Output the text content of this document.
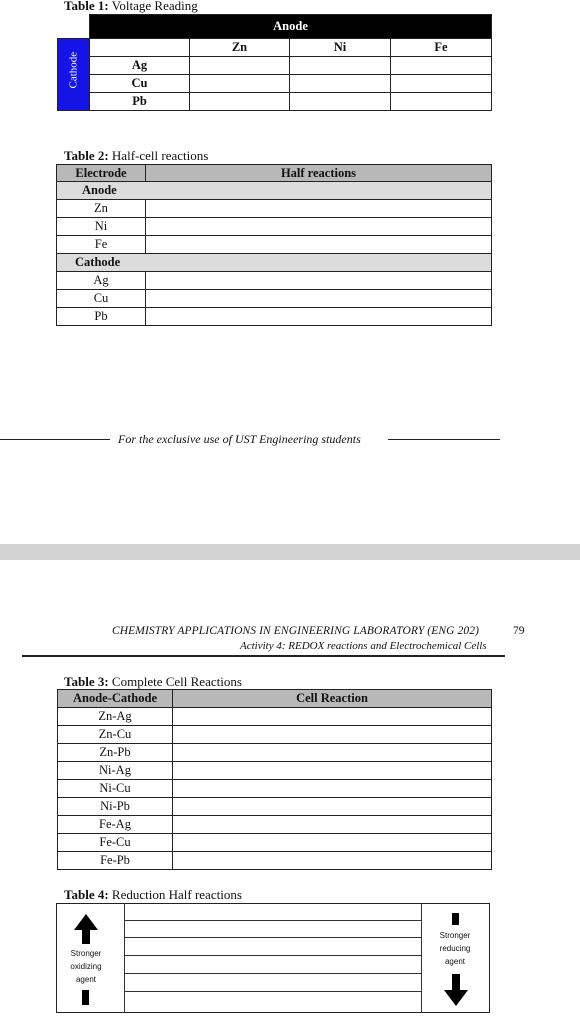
Table 1: Voltage Reading
	Anode			

Cathode		Zn	Ni	Fe
	Ag			
	Cu			
	Pb			
Table 2: Half-cell reactions
Electrode	Half reactions
Anode	
Zn	
Ni	
Fe	
Cathode	
Ag	
Cu	
Pb	
For the exclusive use of UST Engineering students
CHEMISTRY APPLICATIONS IN ENGINEERING LABORATORY (ENG 202)	79
Activity 4: REDOX reactions and Electrochemical Cells
Table 3: Complete Cell Reactions
Anode-Cathode	Cell Reaction
Zn-Ag	
Zn-Cu	
Zn-Pb	
Ni-Ag	
Ni-Cu	
Ni-Pb	
Fe-Ag	
Fe-Cu	
Fe-Pb	
Table 4: Reduction Half reactions
Stronger
oxidizing
agent
Stronger
reducing
agent
